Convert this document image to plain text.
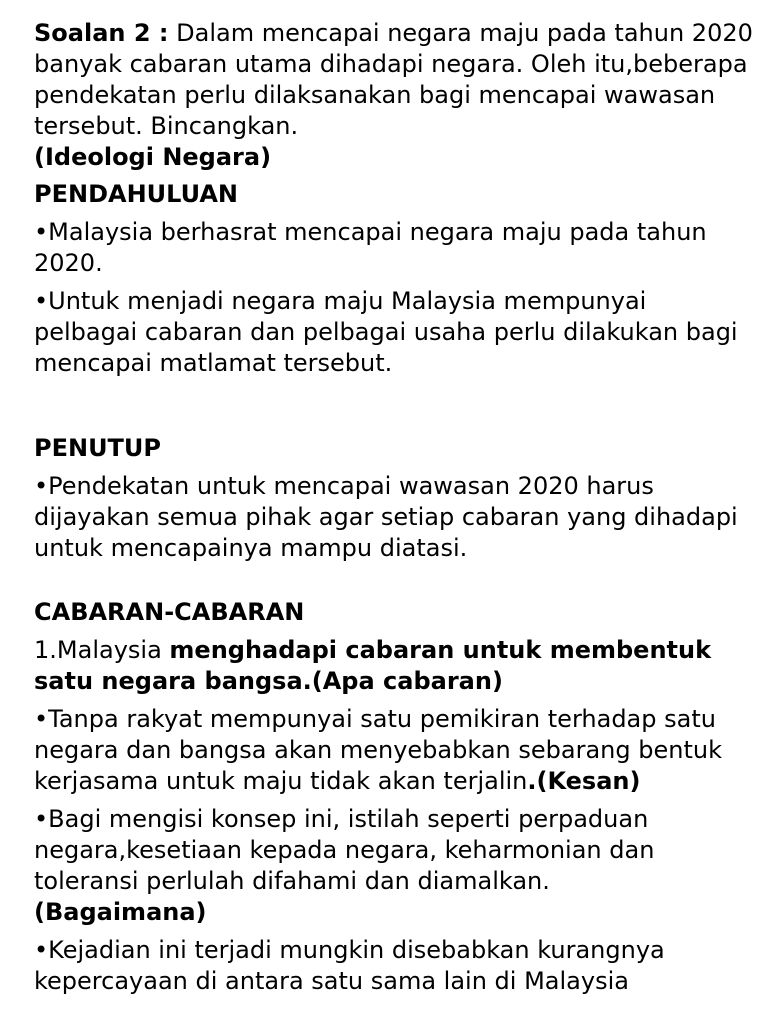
Soalan 2 : Dalam mencapai negara maju pada tahun 2020 banyak cabaran utama dihadapi negara. Oleh itu,beberapa pendekatan perlu dilaksanakan bagi mencapai wawasan tersebut. Bincangkan.
(Ideologi Negara)

PENDAHULUAN

•Malaysia berhasrat mencapai negara maju pada tahun 2020.

•Untuk menjadi negara maju Malaysia mempunyai pelbagai cabaran dan pelbagai usaha perlu dilakukan bagi mencapai matlamat tersebut.

PENUTUP

•Pendekatan untuk mencapai wawasan 2020 harus dijayakan semua pihak agar setiap cabaran yang dihadapi untuk mencapainya mampu diatasi.

CABARAN-CABARAN

1.Malaysia menghadapi cabaran untuk membentuk satu negara bangsa.(Apa cabaran)

•Tanpa rakyat mempunyai satu pemikiran terhadap satu negara dan bangsa akan menyebabkan sebarang bentuk kerjasama untuk maju tidak akan terjalin.(Kesan)

•Bagi mengisi konsep ini, istilah seperti perpaduan negara,kesetiaan kepada negara, keharmonian dan toleransi perlulah difahami dan diamalkan.
(Bagaimana)

•Kejadian ini terjadi mungkin disebabkan kurangnya kepercayaan di antara satu sama lain di Malaysia
